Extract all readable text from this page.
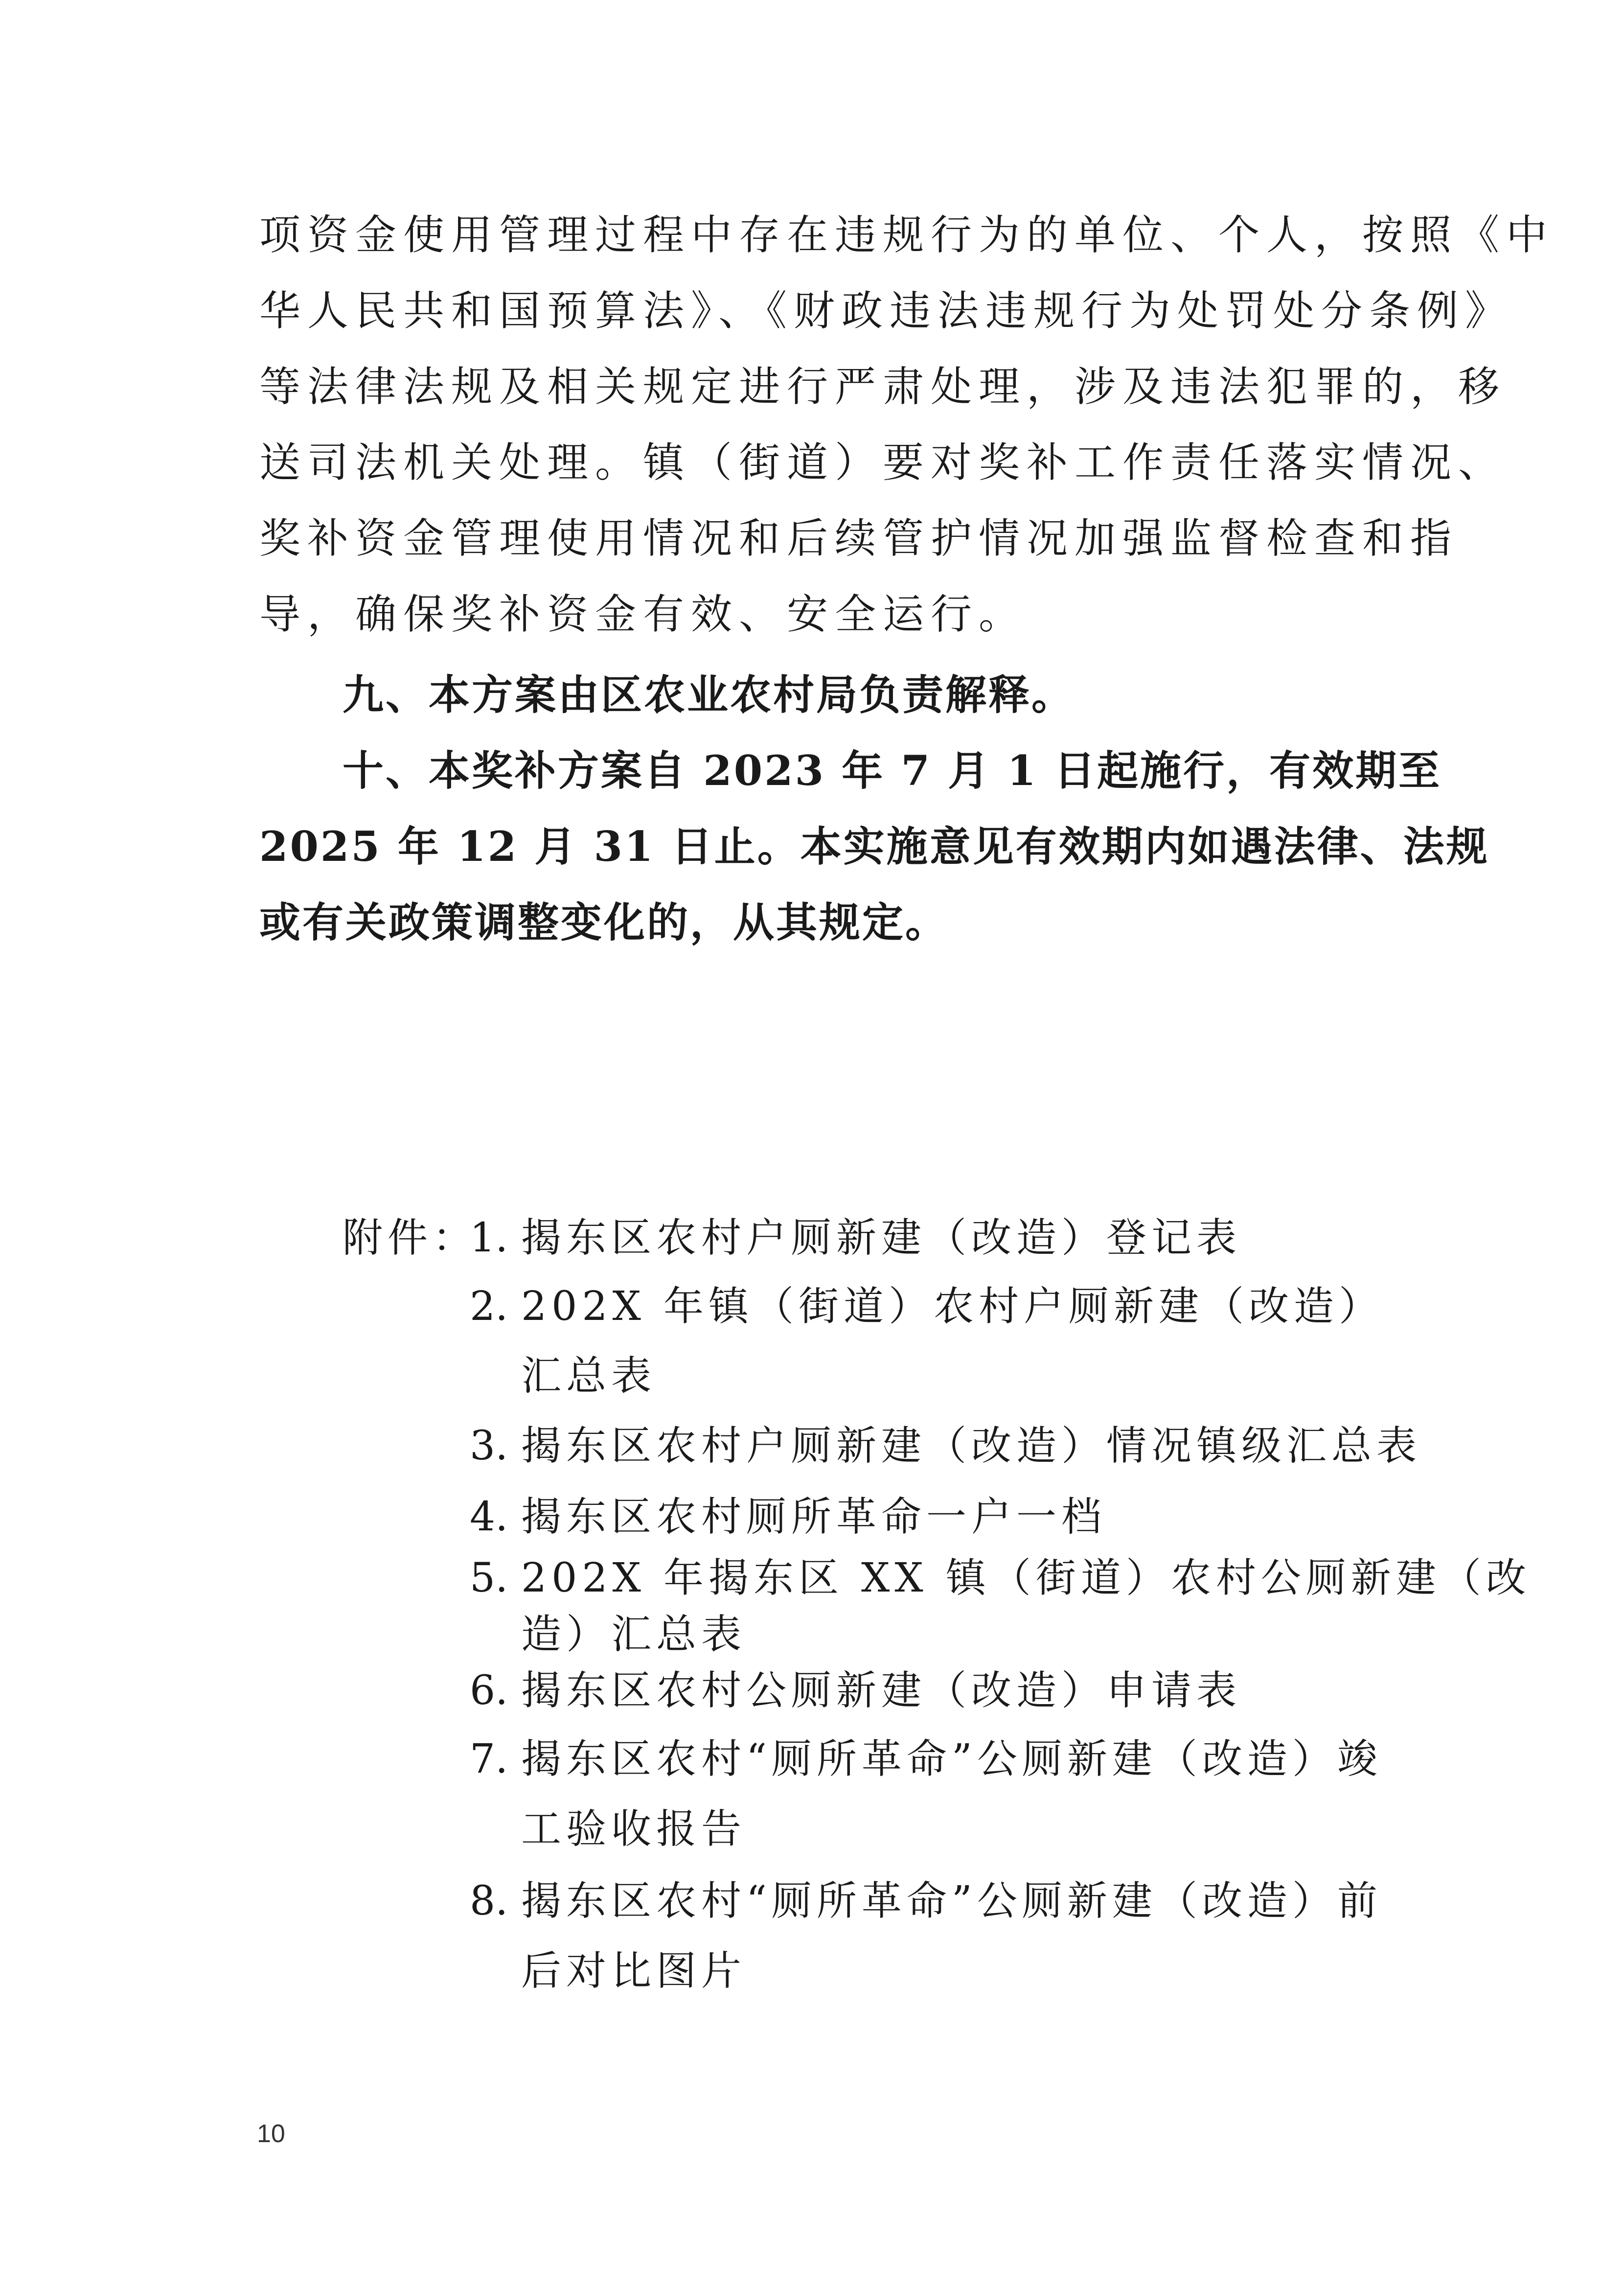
项资金使用管理过程中存在违规行为的单位、个人，按照《中
华人民共和国预算法》、《财政违法违规行为处罚处分条例》
等法律法规及相关规定进行严肃处理，涉及违法犯罪的，移
送司法机关处理。镇（街道）要对奖补工作责任落实情况、
奖补资金管理使用情况和后续管护情况加强监督检查和指
导，确保奖补资金有效、安全运行。
九、本方案由区农业农村局负责解释。
十、本奖补方案自 2023 年 7 月 1 日起施行，有效期至
2025 年 12 月 31 日止。本实施意见有效期内如遇法律、法规
或有关政策调整变化的，从其规定。
附件：
1. 揭东区农村户厕新建（改造）登记表
2. 202X 年镇（街道）农村户厕新建（改造）
汇总表
3. 揭东区农村户厕新建（改造）情况镇级汇总表
4. 揭东区农村厕所革命一户一档
5. 202X 年揭东区 XX 镇（街道）农村公厕新建（改
造）汇总表
6. 揭东区农村公厕新建（改造）申请表
7. 揭东区农村“厕所革命”公厕新建（改造）竣
工验收报告
8. 揭东区农村“厕所革命”公厕新建（改造）前
后对比图片
10
